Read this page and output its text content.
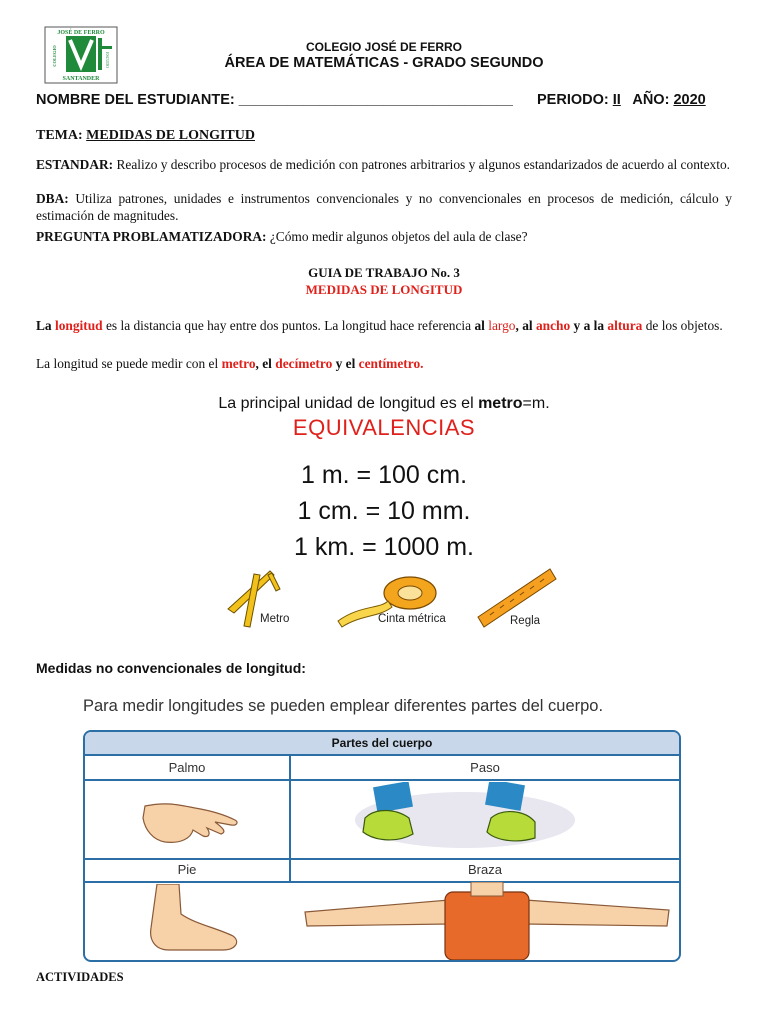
JOSÉ DE FERRO
COLEGIO	ESCUDO
SANTANDER
COLEGIO JOSÉ DE FERRO
ÁREA DE MATEMÁTICAS - GRADO SEGUNDO
NOMBRE DEL ESTUDIANTE: __________________________________ PERIODO: II AÑO: 2020
TEMA: MEDIDAS DE LONGITUD
ESTANDAR: Realizo y describo procesos de medición con patrones arbitrarios y algunos estandarizados de acuerdo al contexto.
DBA: Utiliza patrones, unidades e instrumentos convencionales y no convencionales en procesos de medición, cálculo y estimación de magnitudes.
PREGUNTA PROBLAMATIZADORA: ¿Cómo medir algunos objetos del aula de clase?
GUIA DE TRABAJO No. 3
MEDIDAS DE LONGITUD
La longitud es la distancia que hay entre dos puntos. La longitud hace referencia al largo, al ancho y a la altura de los objetos.
La longitud se puede medir con el metro, el decímetro y el centímetro.
La principal unidad de longitud es el metro=m.
EQUIVALENCIAS
1 m. = 100 cm.
1 cm. = 10 mm.
1 km. = 1000 m.
Metro	Cinta métrica	Regla
Medidas no convencionales de longitud:
Para medir longitudes se pueden emplear diferentes partes del cuerpo.
Partes del cuerpo
Palmo	Paso
Pie	Braza
ACTIVIDADES
